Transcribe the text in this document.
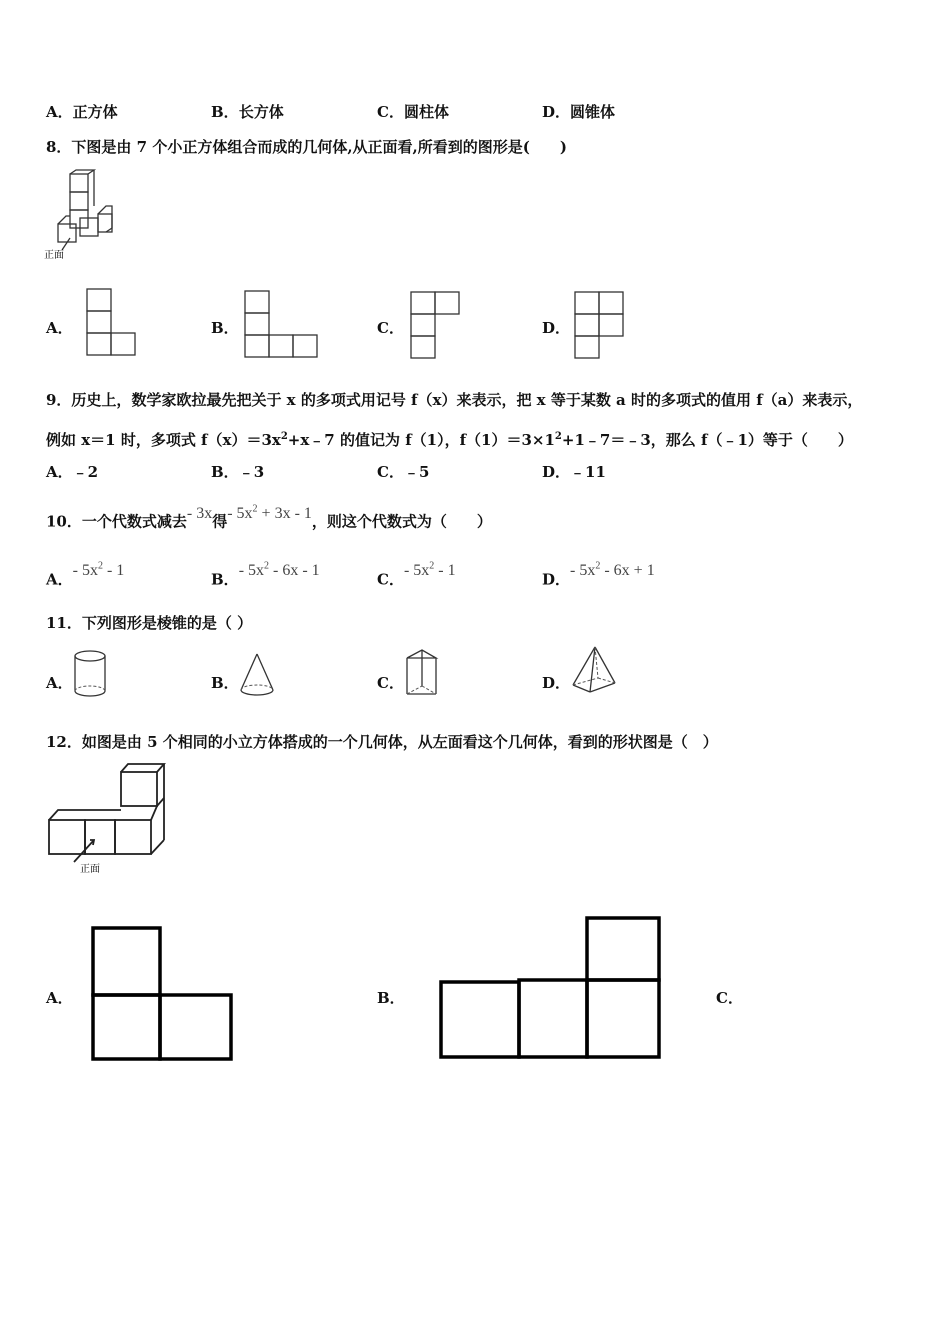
A．正方体	B．长方体	C．圆柱体	D．圆锥体
8．下图是由 7 个小正方体组合而成的几何体,从正面看,所看到的图形是(　　)
正面
A．	B．	C．	D．
9．历史上，数学家欧拉最先把关于 x 的多项式用记号 f（x）来表示，把 x 等于某数 a 时的多项式的值用 f（a）来表示，
例如 x＝1 时，多项式 $f(x)=3x^2+x﹣7$ 的值记为 f（1），$f(1)=3\times 1^2+1﹣7=﹣3$，那么 f（﹣1）等于（　　）
A．﹣2	B．﹣3	C．﹣5	D．﹣11
10．一个代数式减去- 3x得- $5x^2 + 3x - 1$，则这个代数式为（　　）
A．- $5x^2 - 1$	B．- $5x^2 - 6x - 1$	C．- $5x^2 - 1$	D．- $5x^2 - 6x + 1$
11．下列图形是棱锥的是（ ）
A．	B．	C．	D．
12．如图是由 5 个相同的小立方体搭成的一个几何体，从左面看这个几何体，看到的形状图是（　）
正面
A．	B．	C．
